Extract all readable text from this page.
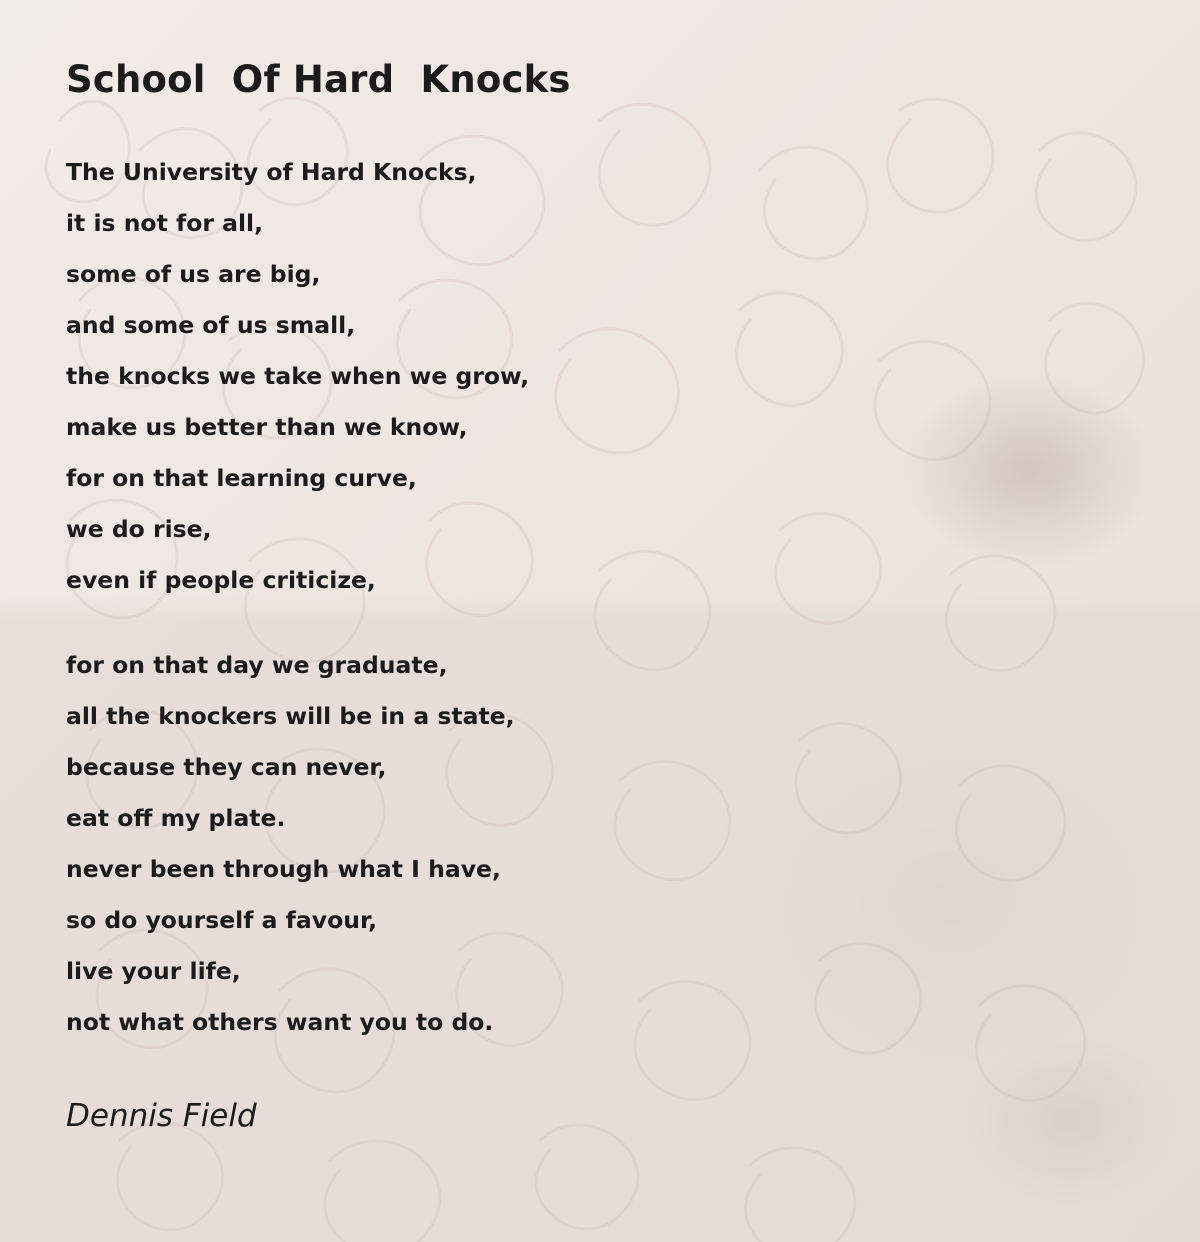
School  Of Hard  Knocks
The University of Hard Knocks,
it is not for all,
some of us are big,
and some of us small,
the knocks we take when we grow,
make us better than we know,
for on that learning curve,
we do rise,
even if people criticize,
for on that day we graduate,
all the knockers will be in a state,
because they can never,
eat off my plate.
never been through what I have,
so do yourself a favour,
live your life,
not what others want you to do.
Dennis Field
